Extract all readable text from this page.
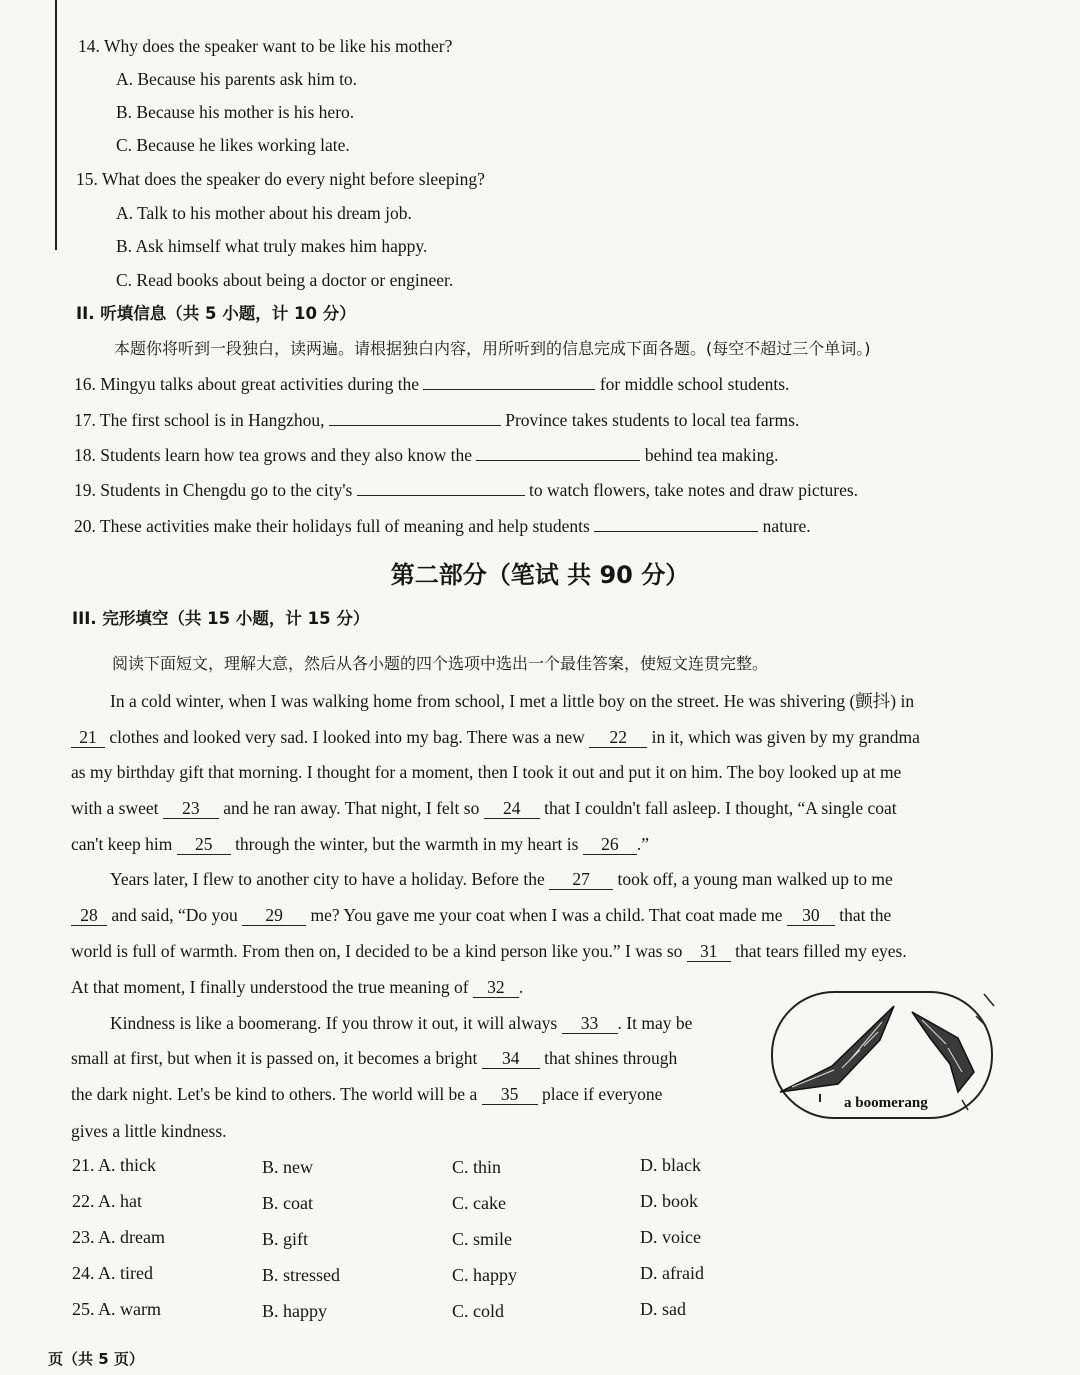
14. Why does the speaker want to be like his mother?
A. Because his parents ask him to.
B. Because his mother is his hero.
C. Because he likes working late.
15. What does the speaker do every night before sleeping?
A. Talk to his mother about his dream job.
B. Ask himself what truly makes him happy.
C. Read books about being a doctor or engineer.
II. 听填信息（共 5 小题，计 10 分）
本题你将听到一段独白，读两遍。请根据独白内容，用所听到的信息完成下面各题。(每空不超过三个单词。)
16. Mingyu talks about great activities during the	for middle school students.
17. The first school is in Hangzhou,	Province takes students to local tea farms.
18. Students learn how tea grows and they also know the	behind tea making.
19. Students in Chengdu go to the city's	to watch flowers, take notes and draw pictures.
20. These activities make their holidays full of meaning and help students	nature.
第二部分（笔试 共 90 分）
III. 完形填空（共 15 小题，计 15 分）
阅读下面短文，理解大意，然后从各小题的四个选项中选出一个最佳答案，使短文连贯完整。
In a cold winter, when I was walking home from school, I met a little boy on the street. He was shivering (颤抖) in
21 clothes and looked very sad. I looked into my bag. There was a new 22 in it, which was given by my grandma
as my birthday gift that morning. I thought for a moment, then I took it out and put it on him. The boy looked up at me
with a sweet 23 and he ran away. That night, I felt so 24 that I couldn't fall asleep. I thought, “A single coat
can't keep him 25 through the winter, but the warmth in my heart is 26 .”
Years later, I flew to another city to have a holiday. Before the 27 took off, a young man walked up to me
28 and said, “Do you 29 me? You gave me your coat when I was a child. That coat made me 30 that the
world is full of warmth. From then on, I decided to be a kind person like you.” I was so 31 that tears filled my eyes.
At that moment, I finally understood the true meaning of 32 .
Kindness is like a boomerang. If you throw it out, it will always 33 . It may be
small at first, but when it is passed on, it becomes a bright 34 that shines through
the dark night. Let's be kind to others. The world will be a 35 place if everyone
gives a little kindness.
a boomerang
21. A. thick	B. new	C. thin	D. black
22. A. hat	B. coat	C. cake	D. book
23. A. dream	B. gift	C. smile	D. voice
24. A. tired	B. stressed	C. happy	D. afraid
25. A. warm	B. happy	C. cold	D. sad
页（共 5 页）
